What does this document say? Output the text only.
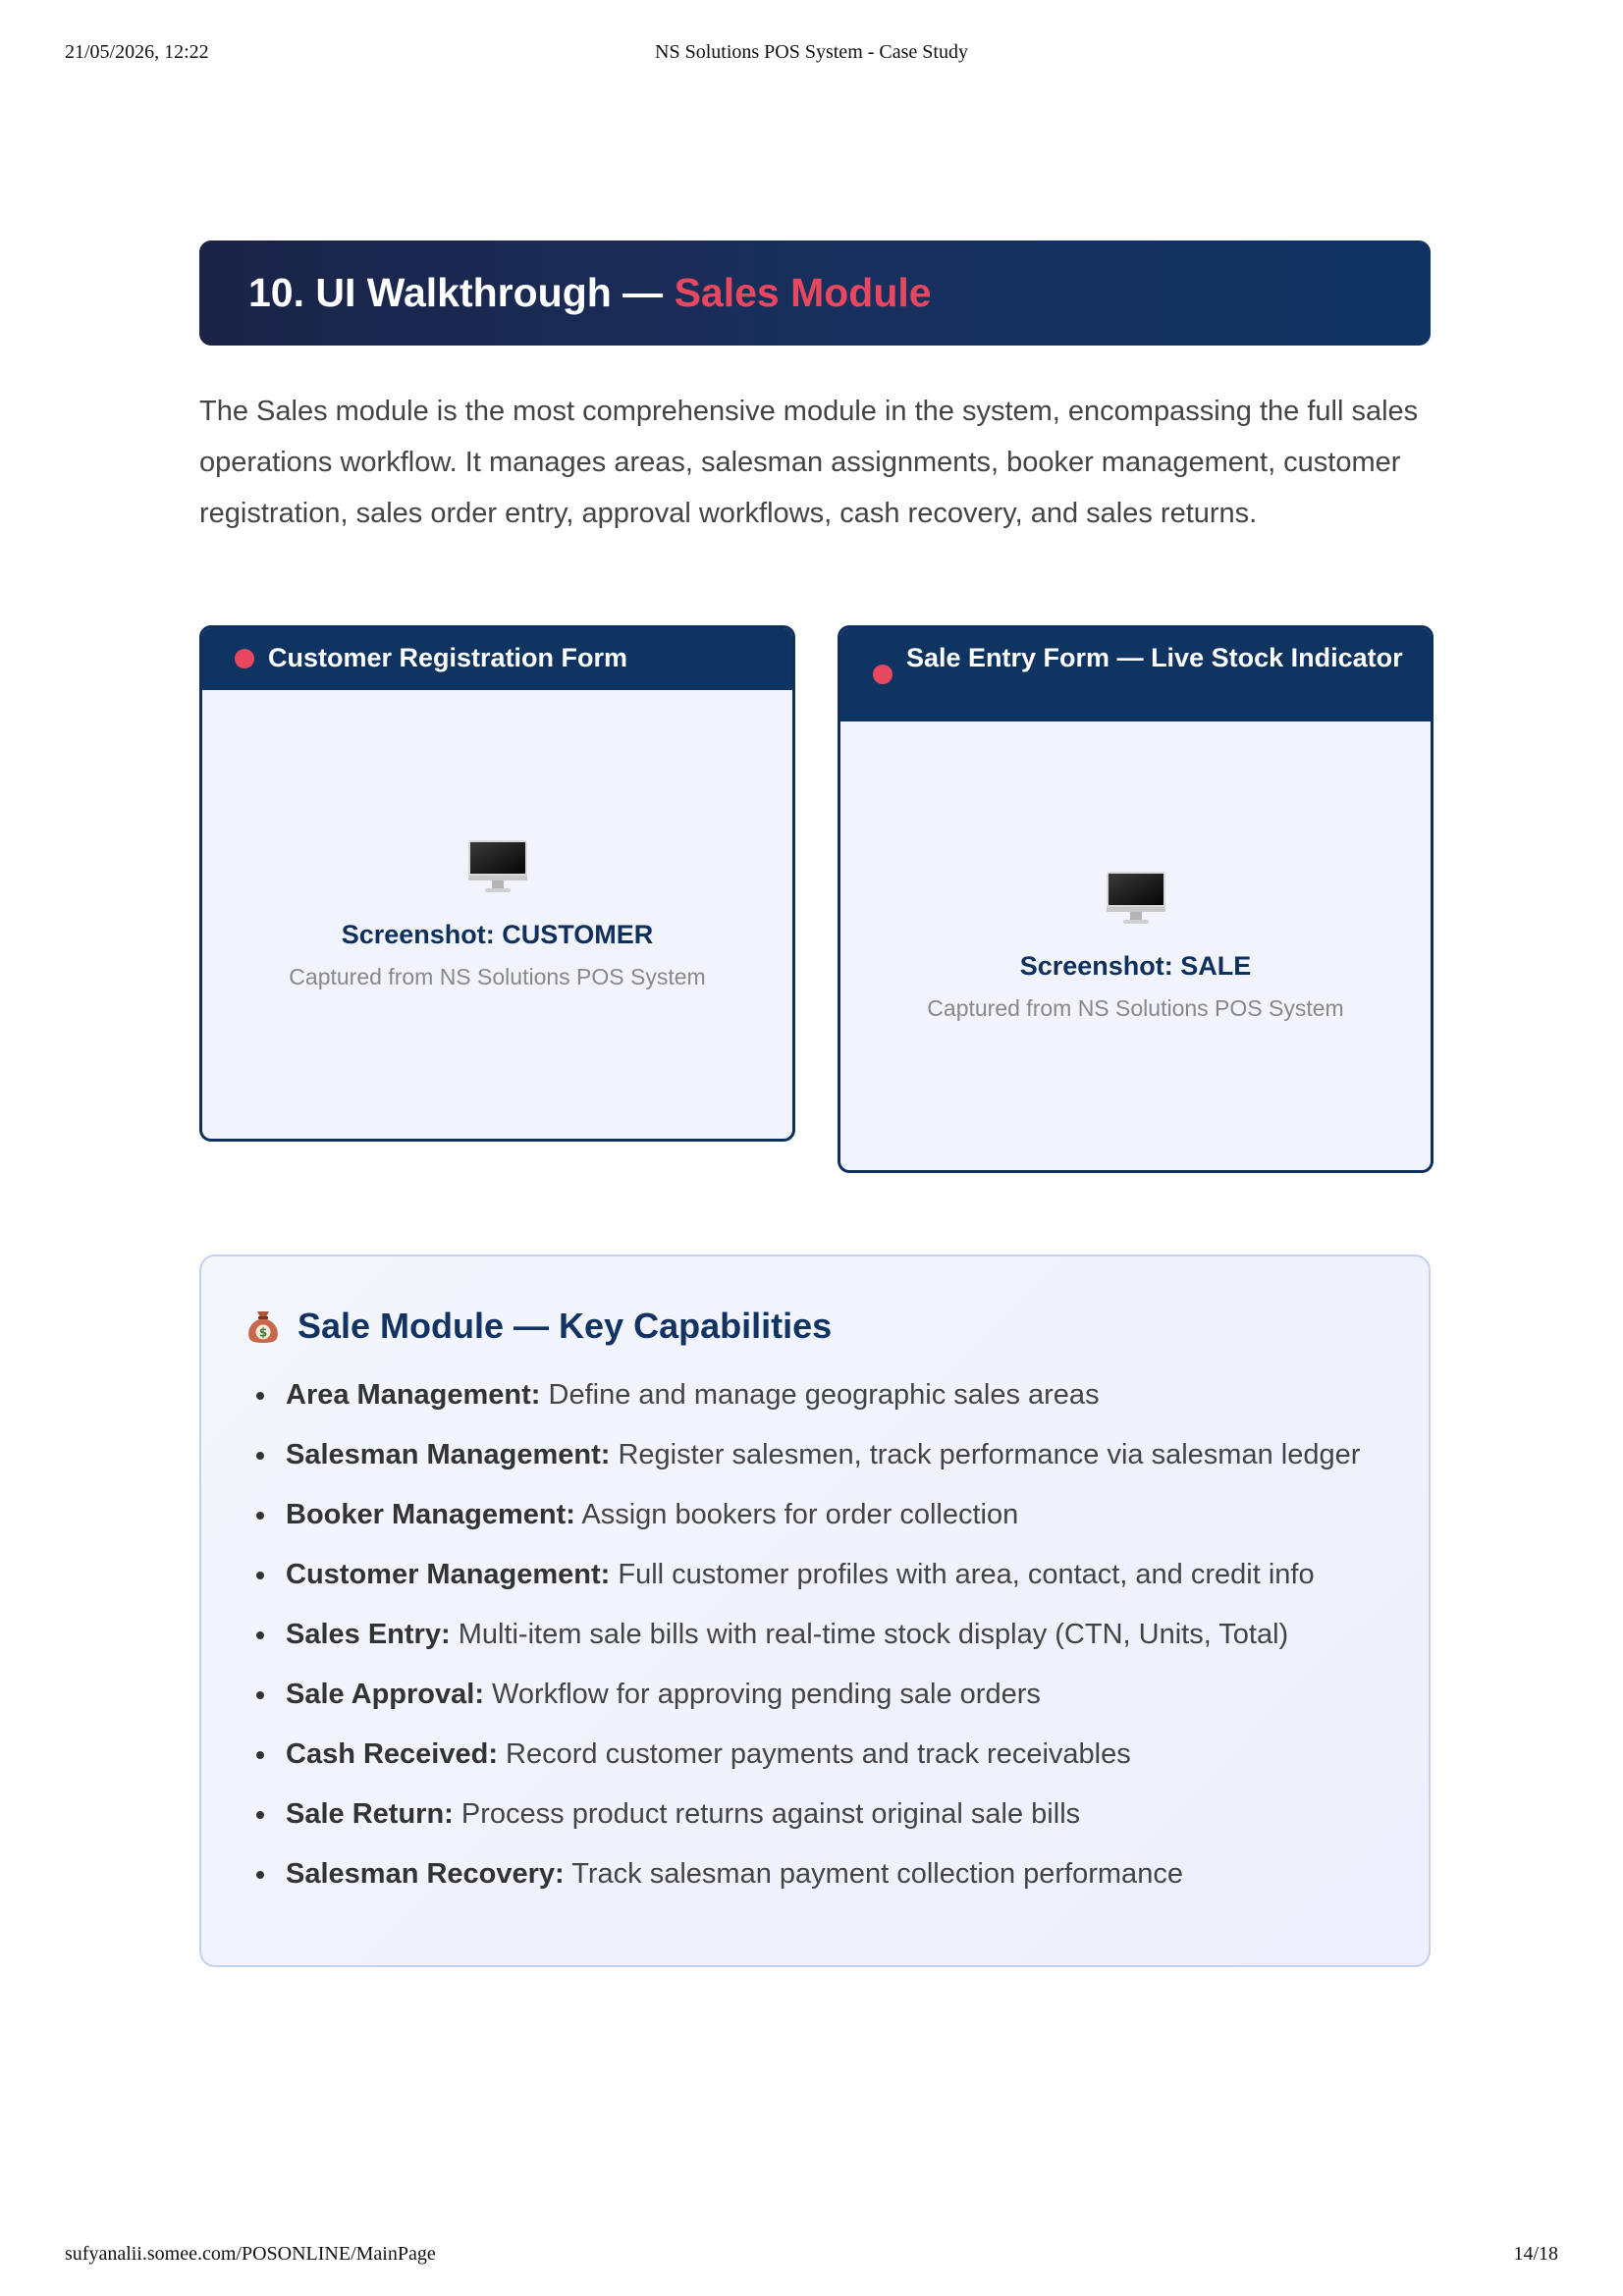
21/05/2026, 12:22	NS Solutions POS System - Case Study
10. UI Walkthrough — Sales Module

The Sales module is the most comprehensive module in the system, encompassing the full sales operations workflow. It manages areas, salesman assignments, booker management, customer registration, sales order entry, approval workflows, cash recovery, and sales returns.

Customer Registration Form
Screenshot: CUSTOMER
Captured from NS Solutions POS System
Sale Entry Form — Live Stock Indicator
Screenshot: SALE
Captured from NS Solutions POS System
$ Sale Module — Key Capabilities
Area Management: Define and manage geographic sales areas
Salesman Management: Register salesmen, track performance via salesman ledger
Booker Management: Assign bookers for order collection
Customer Management: Full customer profiles with area, contact, and credit info
Sales Entry: Multi-item sale bills with real-time stock display (CTN, Units, Total)
Sale Approval: Workflow for approving pending sale orders
Cash Received: Record customer payments and track receivables
Sale Return: Process product returns against original sale bills
Salesman Recovery: Track salesman payment collection performance
sufyanalii.somee.com/POSONLINE/MainPage	14/18
